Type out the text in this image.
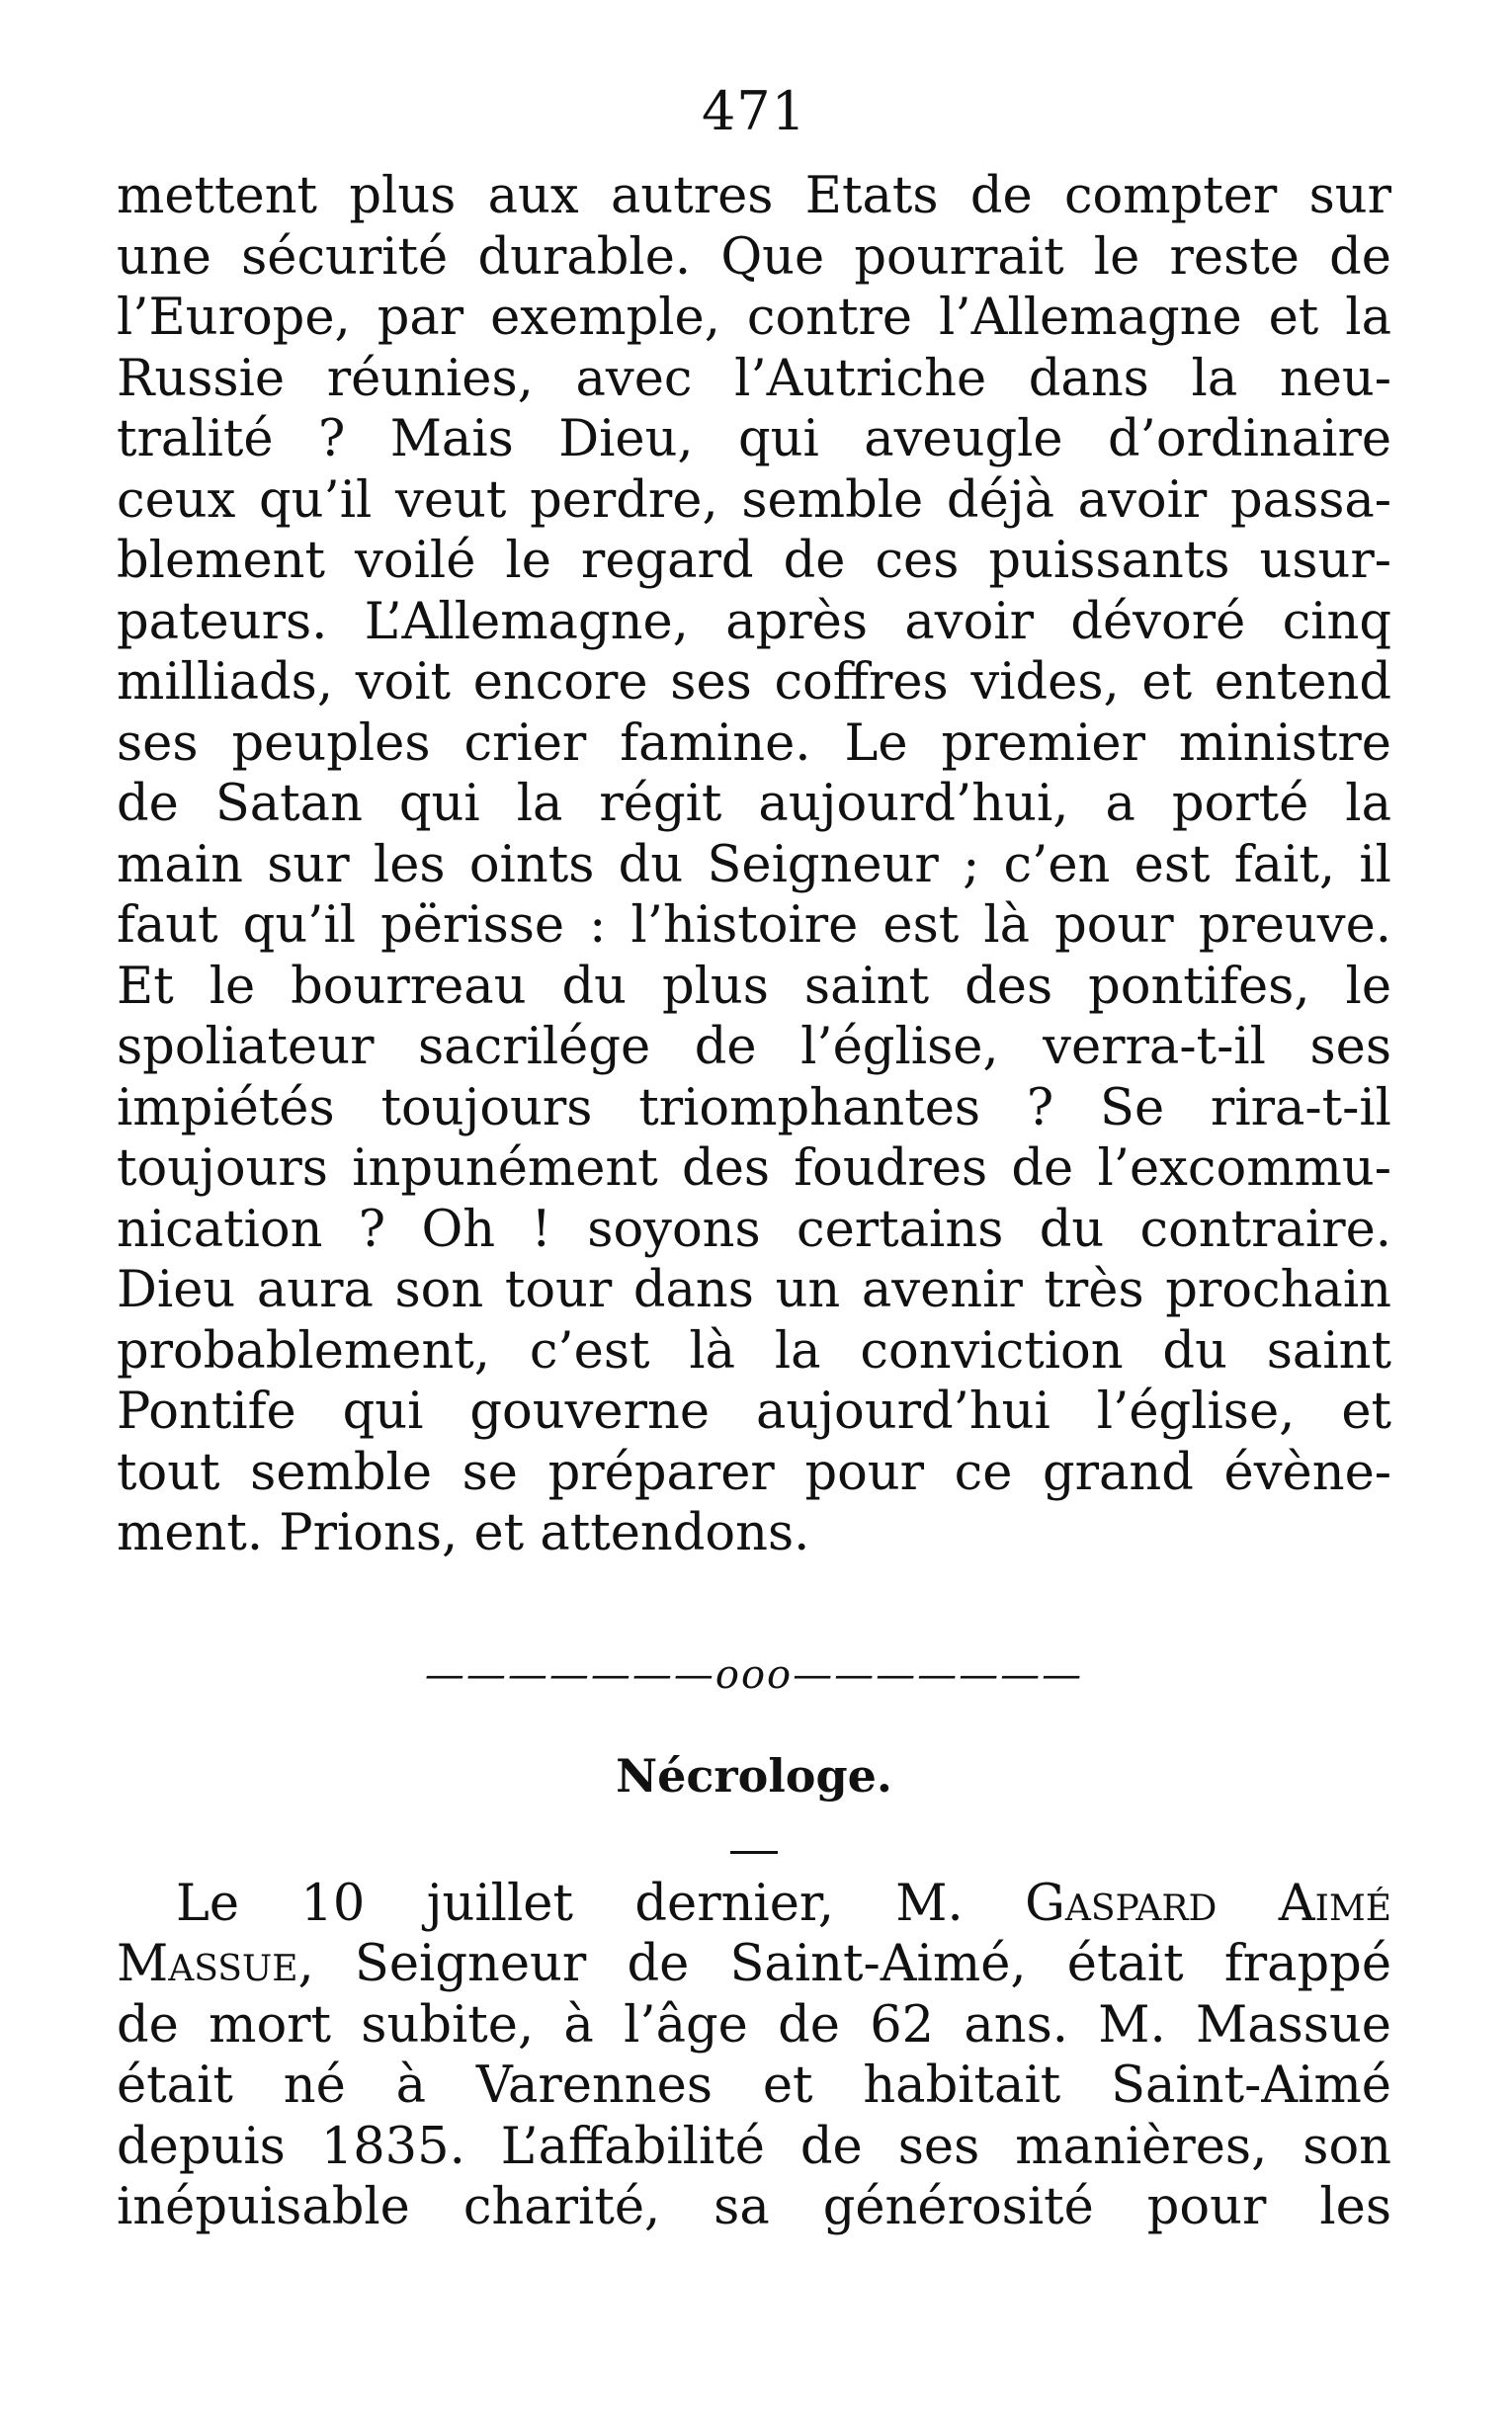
471
mettent plus aux autres Etats de compter sur
une sécurité durable. Que pourrait le reste de
l’Europe, par exemple, contre l’Allemagne et la
Russie réunies, avec l’Autriche dans la neu-
tralité ? Mais Dieu, qui aveugle d’ordinaire
ceux qu’il veut perdre, semble déjà avoir passa-
blement voilé le regard de ces puissants usur-
pateurs. L’Allemagne, après avoir dévoré cinq
milliads, voit encore ses coffres vides, et entend
ses peuples crier famine. Le premier ministre
de Satan qui la régit aujourd’hui, a porté la
main sur les oints du Seigneur ; c’en est fait, il
faut qu’il përisse : l’histoire est là pour preuve.
Et le bourreau du plus saint des pontifes, le
spoliateur sacrilége de l’église, verra-t-il ses
impiétés toujours triomphantes ? Se rira-t-il
toujours inpunément des foudres de l’excommu-
nication ? Oh ! soyons certains du contraire.
Dieu aura son tour dans un avenir très prochain
probablement, c’est là la conviction du saint
Pontife qui gouverne aujourd’hui l’église, et
tout semble se préparer pour ce grand évène-
ment. Prions, et attendons.
———————ooo———————
Nécrologe.
Le 10 juillet dernier, M. Gaspard Aimé
Massue, Seigneur de Saint-Aimé, était frappé
de mort subite, à l’âge de 62 ans. M. Massue
était né à Varennes et habitait Saint-Aimé
depuis 1835. L’affabilité de ses manières, son
inépuisable charité, sa générosité pour les
